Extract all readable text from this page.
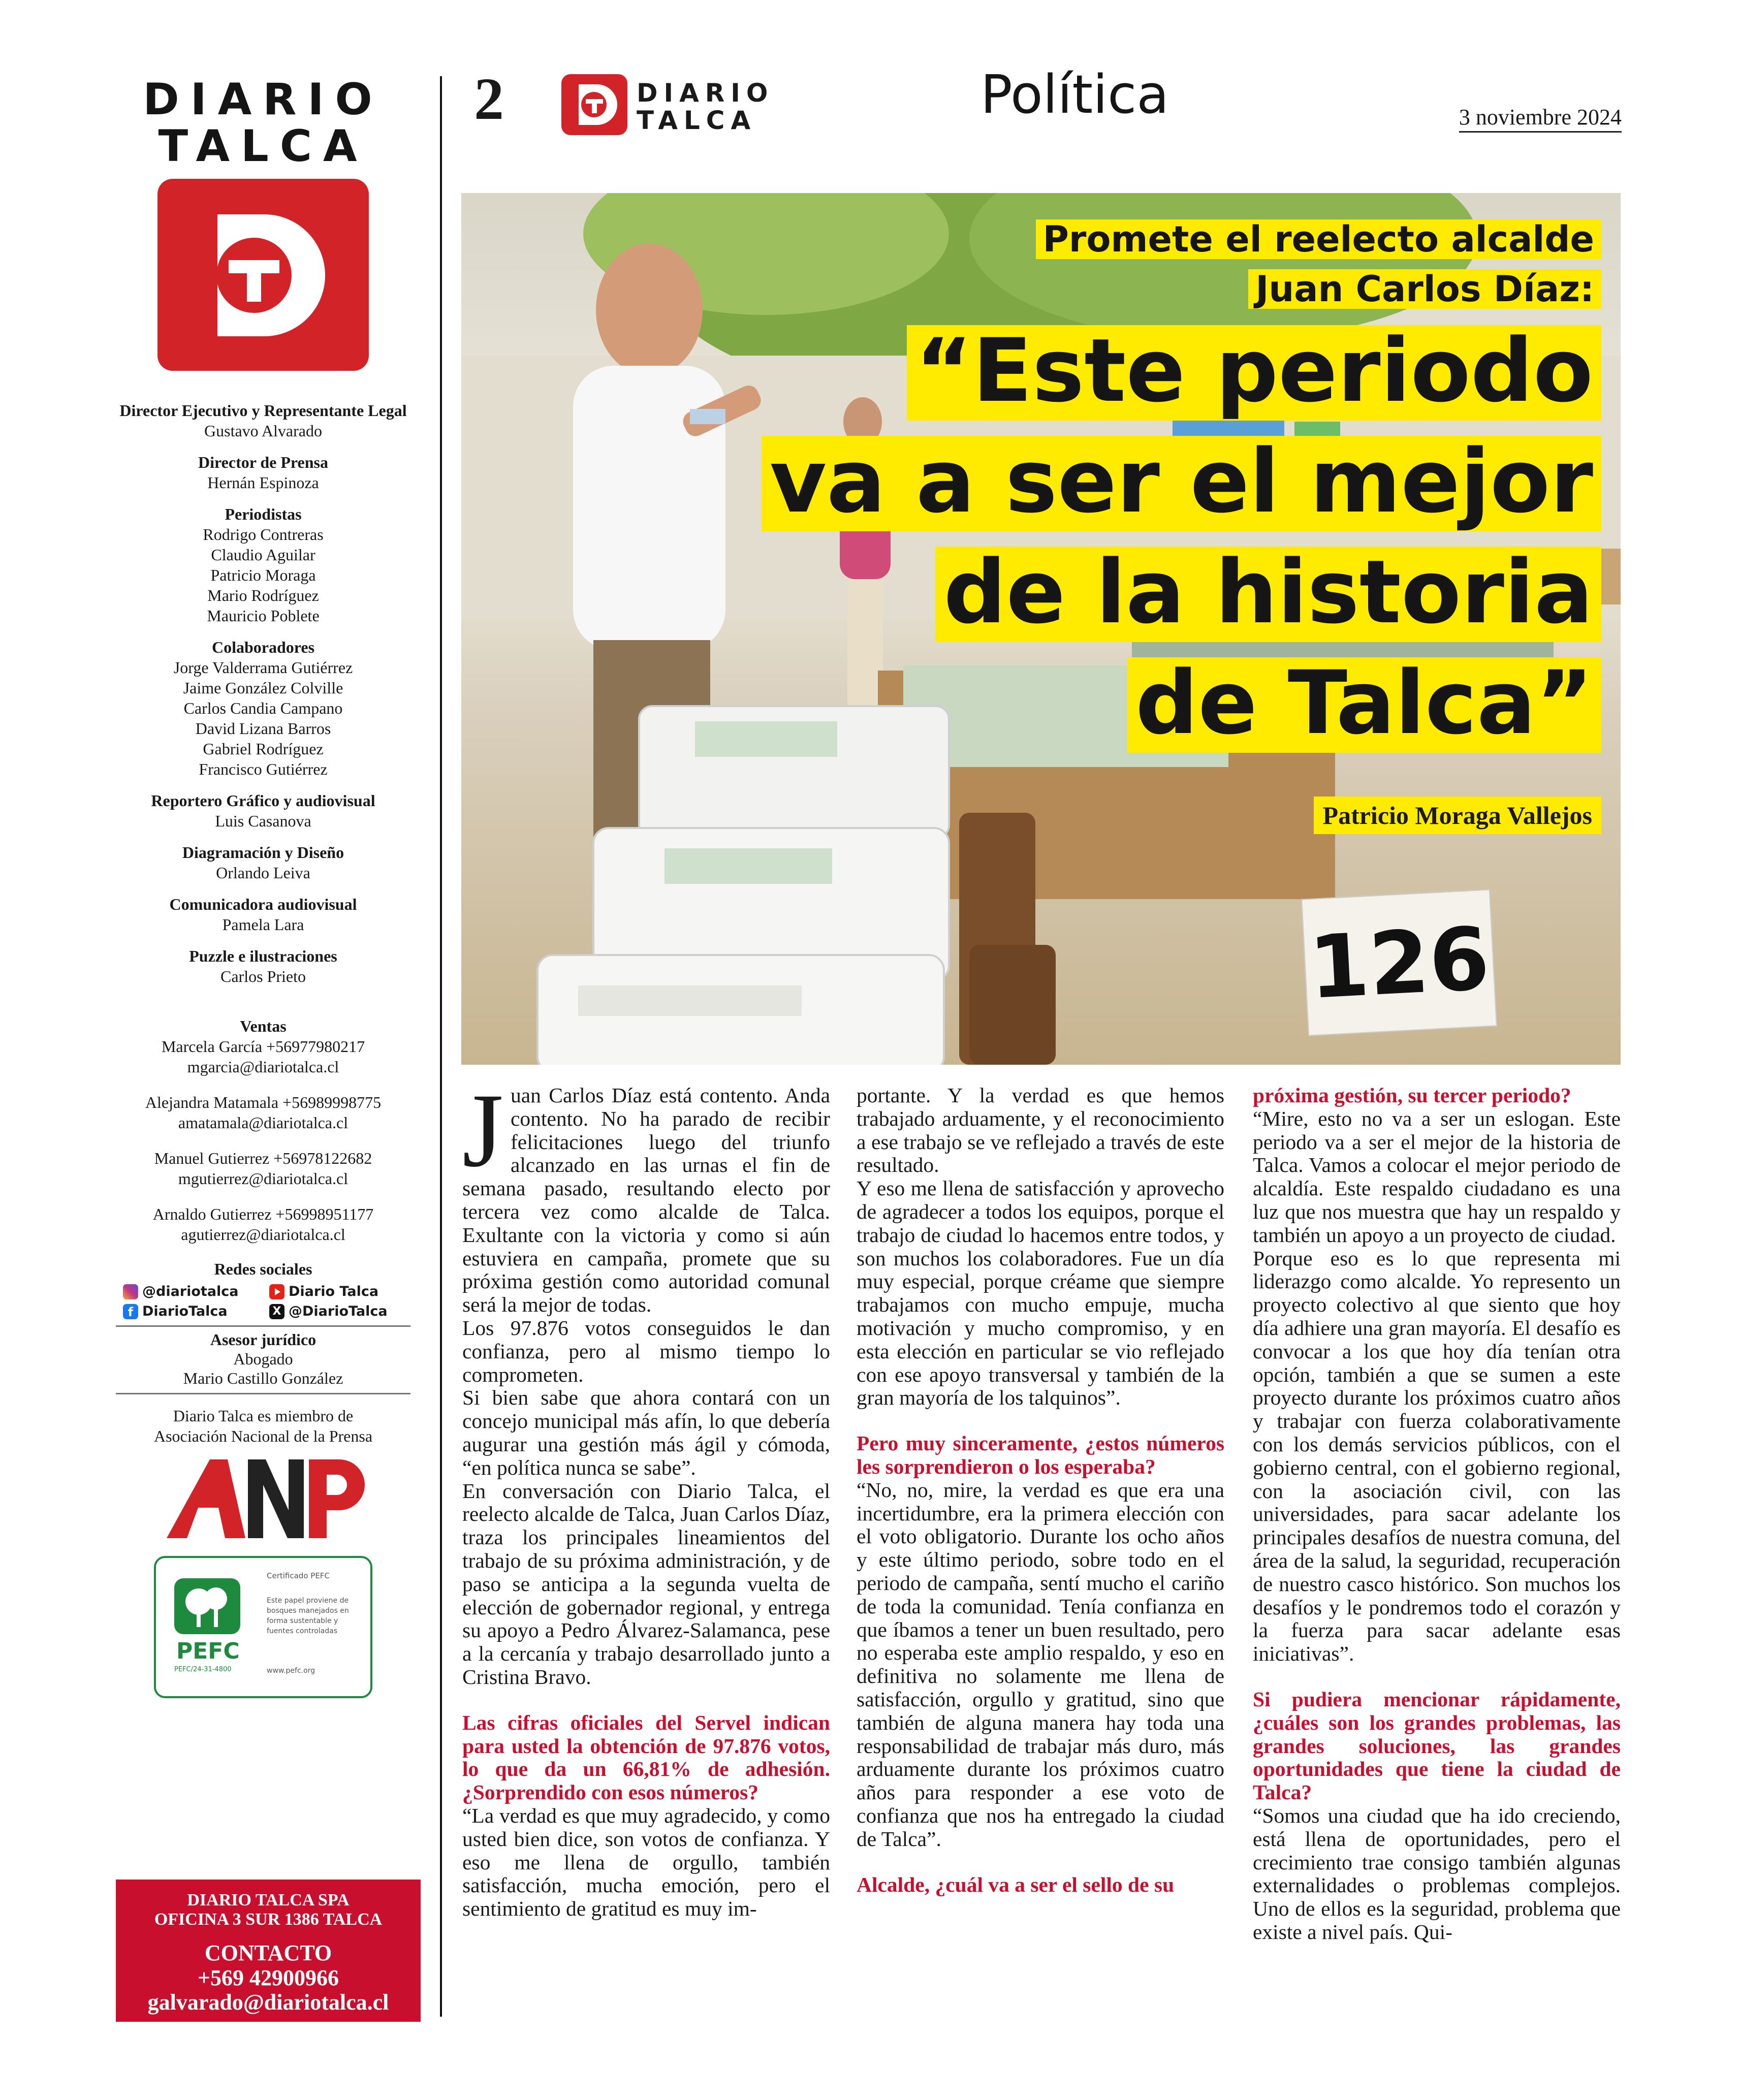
DIARIO
TALCA
Director Ejecutivo y Representante Legal
Gustavo Alvarado
Director de Prensa
Hernán Espinoza
Periodistas
Rodrigo Contreras
Claudio Aguilar
Patricio Moraga
Mario Rodríguez
Mauricio Poblete
Colaboradores
Jorge Valderrama Gutiérrez
Jaime González Colville
Carlos Candia Campano
David Lizana Barros
Gabriel Rodríguez
Francisco Gutiérrez
Reportero Gráfico y audiovisual
Luis Casanova
Diagramación y Diseño
Orlando Leiva
Comunicadora audiovisual
Pamela Lara
Puzzle e ilustraciones
Carlos Prieto
Ventas
Marcela García +56977980217
mgarcia@diariotalca.cl
Alejandra Matamala +56989998775
amatamala@diariotalca.cl
Manuel Gutierrez +56978122682
mgutierrez@diariotalca.cl
Arnaldo Gutierrez +56998951177
agutierrez@diariotalca.cl
Redes sociales
@diariotalca	Diario Talca
f DiarioTalca	X @DiarioTalca
Asesor jurídico
Abogado
Mario Castillo González
Diario Talca es miembro de
Asociación Nacional de la Prensa
PEFC
PEFC/24-31-4800
Certificado PEFC
Este papel proviene de bosques manejados en forma sustentable y fuentes controladas
www.pefc.org
DIARIO TALCA SPA
OFICINA 3 SUR 1386 TALCA
CONTACTO
+569 42900966
galvarado@diariotalca.cl
2	DIARIO
TALCA	Política	3 noviembre 2024
126
Promete el reelecto alcalde
Juan Carlos Díaz:
“Este periodo
va a ser el mejor
de la historia
de Talca”
Patricio Moraga Vallejos

Juan Carlos Díaz está contento. Anda contento. No ha parado de recibir felicitaciones luego del triunfo alcanzado en las urnas el fin de semana pasado, resultando electo por tercera vez como alcalde de Talca. Exultante con la victoria y como si aún estuviera en campaña, promete que su próxima gestión como autoridad comunal será la mejor de todas.

Los 97.876 votos conseguidos le dan confianza, pero al mismo tiempo lo comprometen.

Si bien sabe que ahora contará con un concejo municipal más afín, lo que debería augurar una gestión más ágil y cómoda, “en política nunca se sabe”.

En conversación con Diario Talca, el reelecto alcalde de Talca, Juan Carlos Díaz, traza los principales lineamientos del trabajo de su próxima administración, y de paso se anticipa a la segunda vuelta de elección de gobernador regional, y entrega su apoyo a Pedro Álvarez-Salamanca, pese a la cercanía y trabajo desarrollado junto a Cristina Bravo.

Las cifras oficiales del Servel indican para usted la obtención de 97.876 votos, lo que da un 66,81% de adhesión. ¿Sorprendido con esos números?

“La verdad es que muy agradecido, y como usted bien dice, son votos de confianza. Y eso me llena de orgullo, también satisfacción, mucha emoción, pero el sentimiento de gratitud es muy im-

portante. Y la verdad es que hemos trabajado arduamente, y el reconocimiento a ese trabajo se ve reflejado a través de este resultado.

Y eso me llena de satisfacción y aprovecho de agradecer a todos los equipos, porque el trabajo de ciudad lo hacemos entre todos, y son muchos los colaboradores. Fue un día muy especial, porque créame que siempre trabajamos con mucho empuje, mucha motivación y mucho compromiso, y en esta elección en particular se vio reflejado con ese apoyo transversal y también de la gran mayoría de los talquinos”.

Pero muy sinceramente, ¿estos números les sorprendieron o los esperaba?

“No, no, mire, la verdad es que era una incertidumbre, era la primera elección con el voto obligatorio. Durante los ocho años y este último periodo, sobre todo en el periodo de campaña, sentí mucho el cariño de toda la comunidad. Tenía confianza en que íbamos a tener un buen resultado, pero no esperaba este amplio respaldo, y eso en definitiva no solamente me llena de satisfacción, orgullo y gratitud, sino que también de alguna manera hay toda una responsabilidad de trabajar más duro, más arduamente durante los próximos cuatro años para responder a ese voto de confianza que nos ha entregado la ciudad de Talca”.

Alcalde, ¿cuál va a ser el sello de su

próxima gestión, su tercer periodo?

“Mire, esto no va a ser un eslogan. Este periodo va a ser el mejor de la historia de Talca. Vamos a colocar el mejor periodo de alcaldía. Este respaldo ciudadano es una luz que nos muestra que hay un respaldo y también un apoyo a un proyecto de ciudad.

Porque eso es lo que representa mi liderazgo como alcalde. Yo represento un proyecto colectivo al que siento que hoy día adhiere una gran mayoría. El desafío es convocar a los que hoy día tenían otra opción, también a que se sumen a este proyecto durante los próximos cuatro años y trabajar con fuerza colaborativamente con los demás servicios públicos, con el gobierno central, con el gobierno regional, con la asociación civil, con las universidades, para sacar adelante los principales desafíos de nuestra comuna, del área de la salud, la seguridad, recuperación de nuestro casco histórico. Son muchos los desafíos y le pondremos todo el corazón y la fuerza para sacar adelante esas iniciativas”.

Si pudiera mencionar rápidamente, ¿cuáles son los grandes problemas, las grandes soluciones, las grandes oportunidades que tiene la ciudad de Talca?

“Somos una ciudad que ha ido creciendo, está llena de oportunidades, pero el crecimiento trae consigo también algunas externalidades o problemas complejos. Uno de ellos es la seguridad, problema que existe a nivel país. Qui-
